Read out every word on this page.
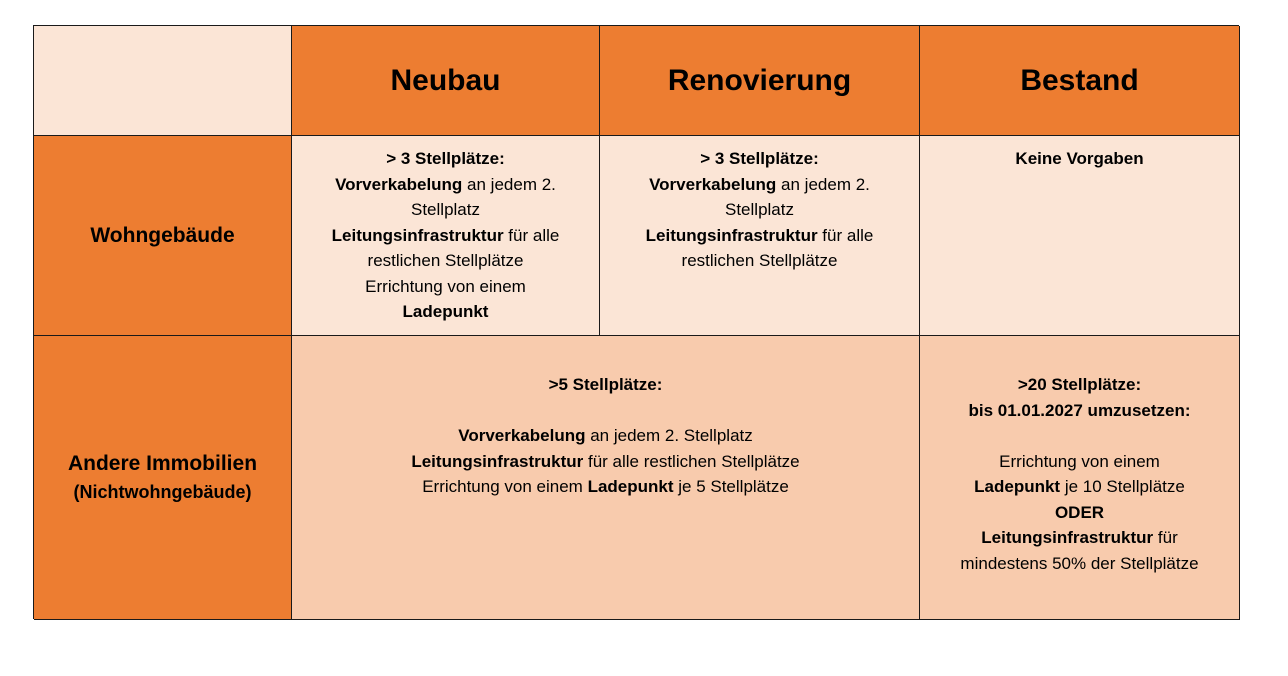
Neubau	Renovierung	Bestand
Wohngebäude
> 3 Stellplätze:
Vorverkabelung an jedem 2.
Stellplatz
Leitungsinfrastruktur für alle
restlichen Stellplätze
Errichtung von einem
Ladepunkt
> 3 Stellplätze:
Vorverkabelung an jedem 2.
Stellplatz
Leitungsinfrastruktur für alle
restlichen Stellplätze
Keine Vorgaben
Andere Immobilien
(Nichtwohngebäude)
>5 Stellplätze:
Vorverkabelung an jedem 2. Stellplatz
Leitungsinfrastruktur für alle restlichen Stellplätze
Errichtung von einem Ladepunkt je 5 Stellplätze
>20 Stellplätze:
bis 01.01.2027 umzusetzen:
Errichtung von einem
Ladepunkt je 10 Stellplätze
ODER
Leitungsinfrastruktur für
mindestens 50% der Stellplätze
